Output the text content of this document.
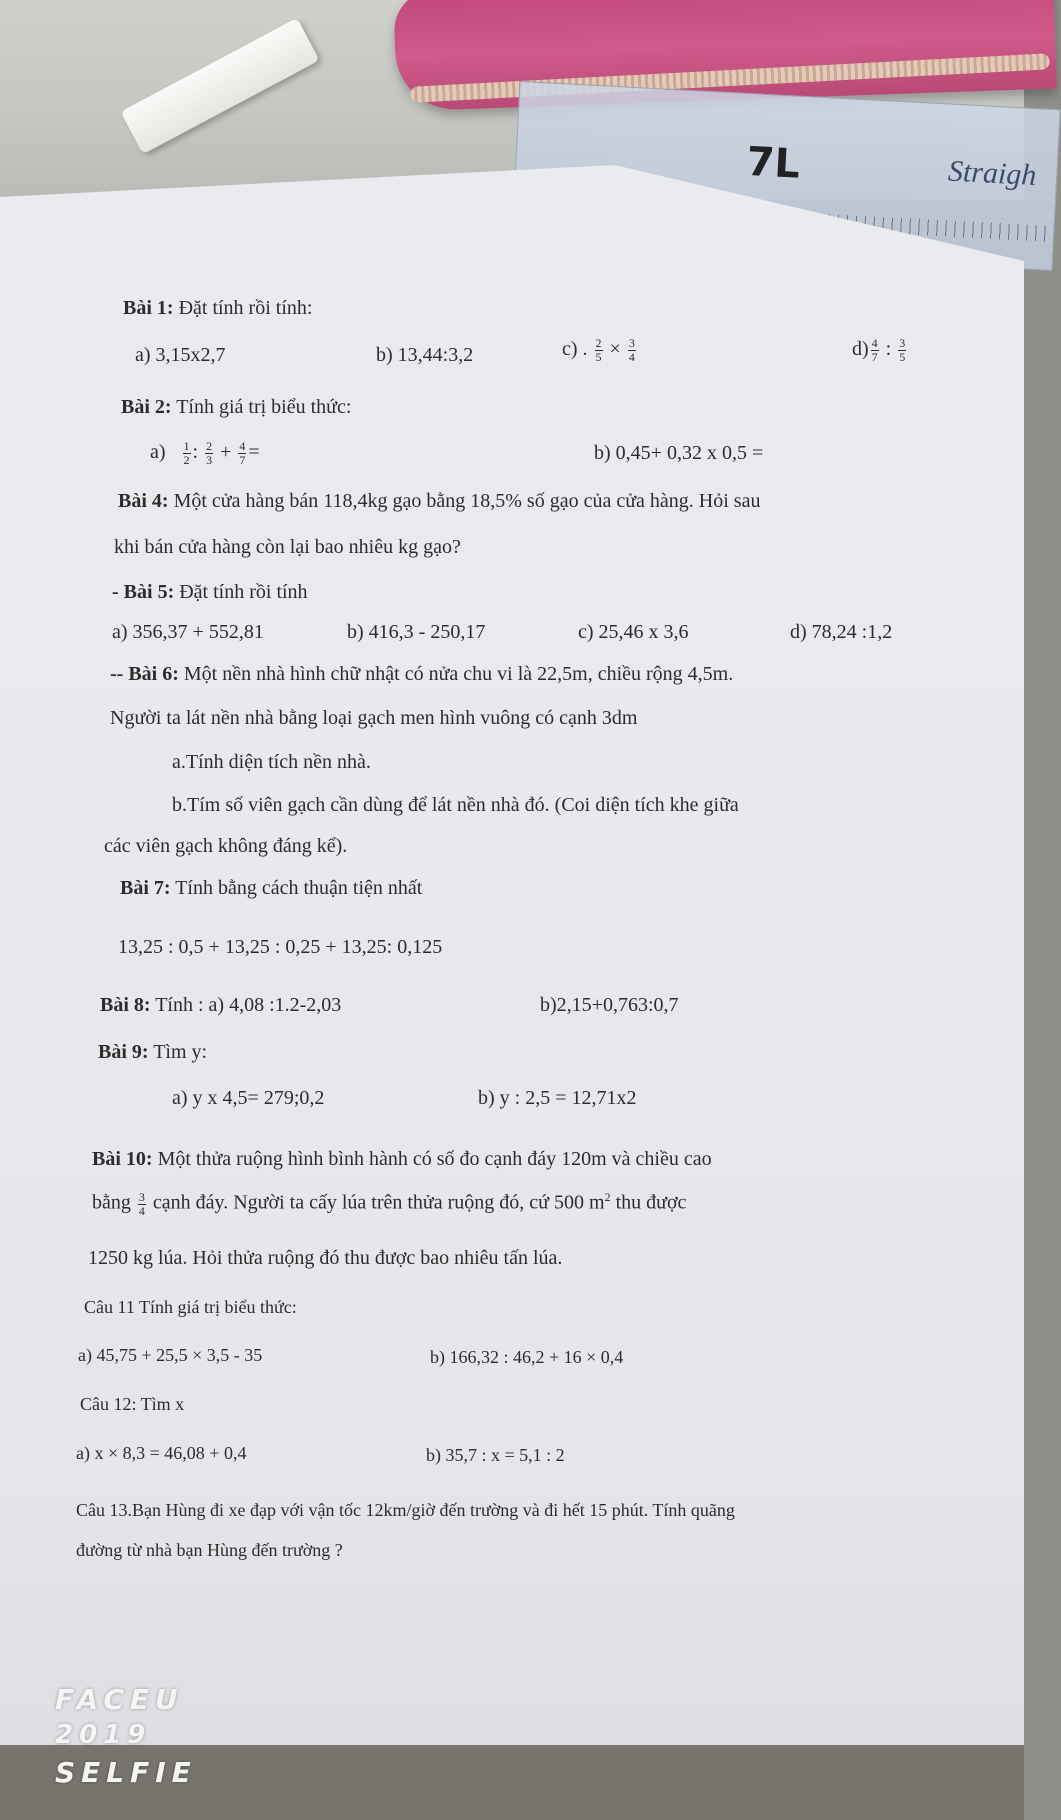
7L	Straigh
Bài 1: Đặt tính rồi tính:
a) 3,15x2,7	b) 13,44:3,2	c) . $\frac{2}{5} \times \frac{3}{4}$	$d) \frac{4}{7}$ : $\frac{3}{5}$
Bài 2: Tính giá trị biểu thức:
$a) \frac{1}{2}$ : $\frac{2}{3} + \frac{4}{7}$ =	b) 0,45+ 0,32 x 0,5 =
Bài 4: Một cửa hàng bán 118,4kg gạo bằng 18,5% số gạo của cửa hàng. Hỏi sau
khi bán cửa hàng còn lại bao nhiêu kg gạo?
- Bài 5: Đặt tính rồi tính
a) 356,37 + 552,81	b) 416,3 - 250,17	c) 25,46 x 3,6	d) 78,24 :1,2
-- Bài 6: Một nền nhà hình chữ nhật có nửa chu vi là 22,5m, chiều rộng 4,5m.
Người ta lát nền nhà bằng loại gạch men hình vuông có cạnh 3dm
a.Tính diện tích nền nhà.
b.Tím số viên gạch cần dùng để lát nền nhà đó. (Coi diện tích khe giữa
các viên gạch không đáng kể).
Bài 7: Tính bằng cách thuận tiện nhất
13,25 : 0,5 + 13,25 : 0,25 + 13,25: 0,125
Bài 8: Tính : a) 4,08 :1.2-2,03	b)2,15+0,763:0,7
Bài 9: Tìm y:
a) y x 4,5= 279;0,2	b) y : 2,5 = 12,71x2
Bài 10: Một thửa ruộng hình bình hành có số đo cạnh đáy 120m và chiều cao
bằng $\frac{3}{4}$ cạnh đáy. Người ta cấy lúa trên thửa ruộng đó, cứ 500 $m^2$ thu được
1250 kg lúa. Hỏi thửa ruộng đó thu được bao nhiêu tấn lúa.
Câu 11 Tính giá trị biểu thức:
a) 45,75 + 25,5 × 3,5 - 35	b) 166,32 : 46,2 + 16 × 0,4
Câu 12: Tìm x
a) x × 8,3 = 46,08 + 0,4	b) 35,7 : x = 5,1 : 2
Câu 13.Bạn Hùng đi xe đạp với vận tốc 12km/giờ đến trường và đi hết 15 phút. Tính quãng
đường từ nhà bạn Hùng đến trường ?
FACEU
2019
SELFIE
